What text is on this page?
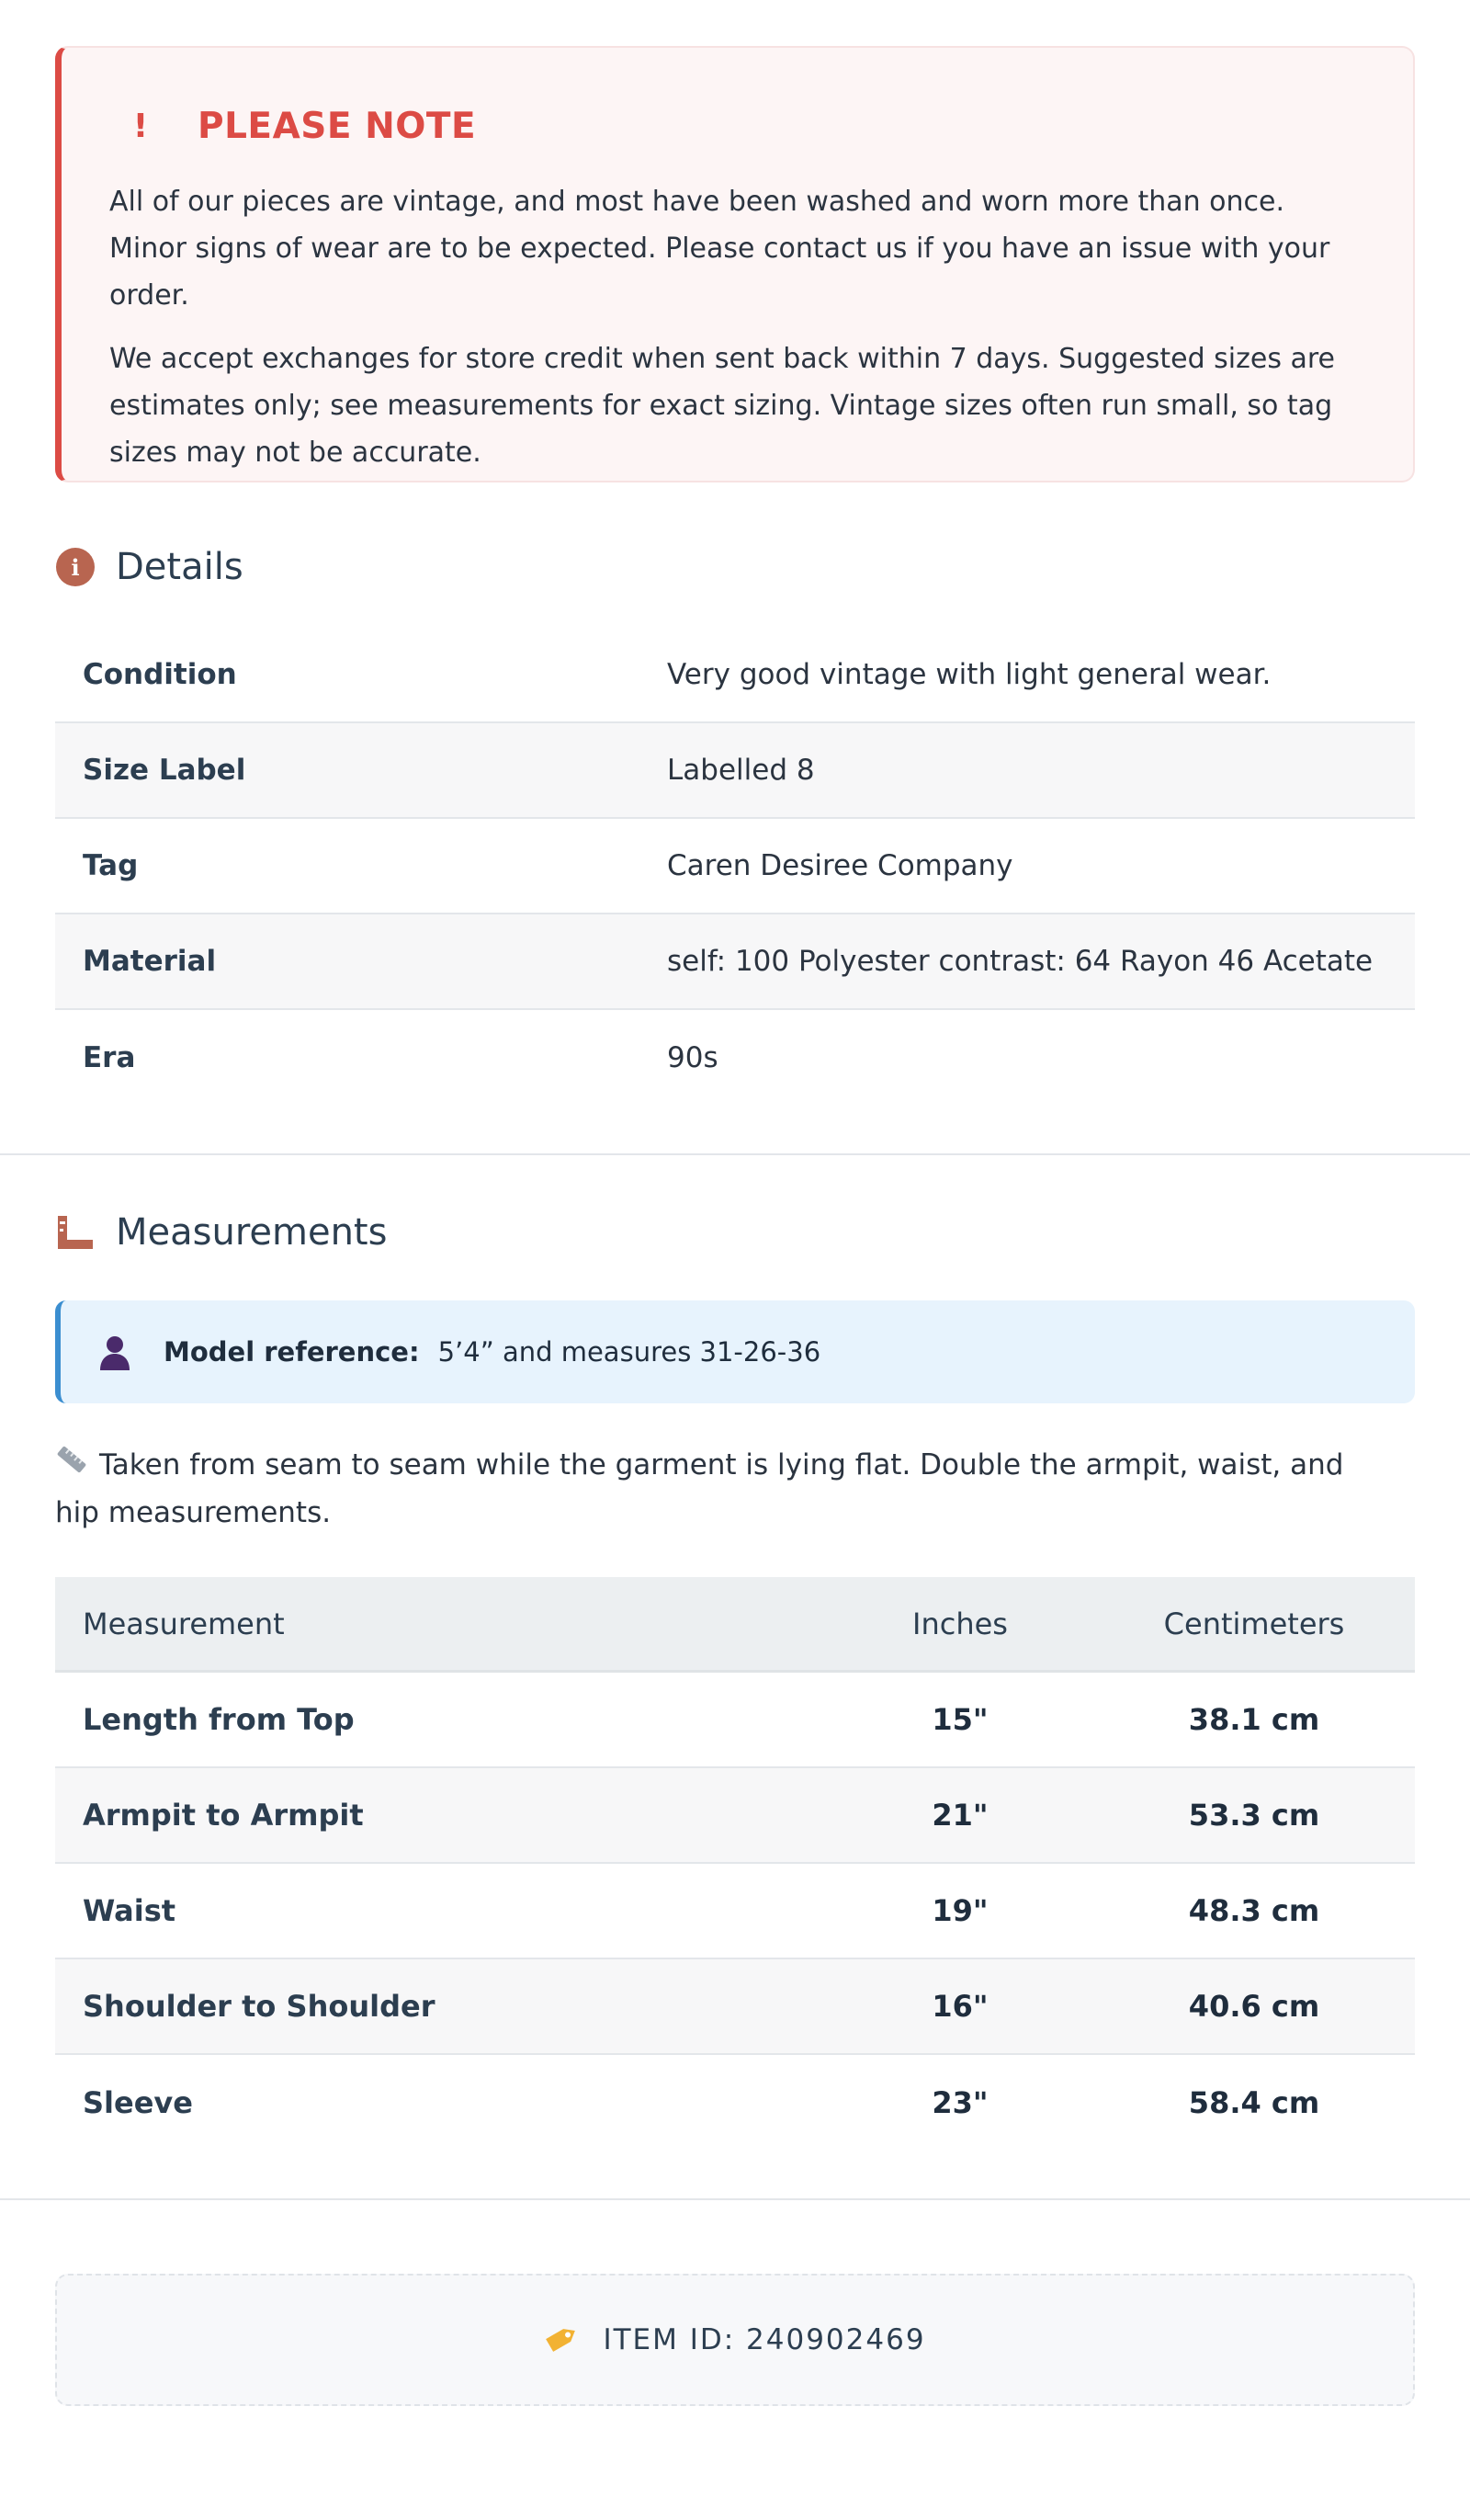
! PLEASE NOTE

All of our pieces are vintage, and most have been washed and worn more than once. Minor signs of wear are to be expected. Please contact us if you have an issue with your order.

We accept exchanges for store credit when sent back within 7 days. Suggested sizes are estimates only; see measurements for exact sizing. Vintage sizes often run small, so tag sizes may not be accurate.

i Details
Condition	Very good vintage with light general wear.
Size Label	Labelled 8
Tag	Caren Desiree Company
Material	self: 100 Polyester contrast: 64 Rayon 46 Acetate
Era	90s
Measurements
Model reference: 5’4” and measures 31-26-36
Taken from seam to seam while the garment is lying flat. Double the armpit, waist, and hip measurements.
Measurement	Inches	Centimeters
Length from Top	15"	38.1 cm
Armpit to Armpit	21"	53.3 cm
Waist	19"	48.3 cm
Shoulder to Shoulder	16"	40.6 cm
Sleeve	23"	58.4 cm
ITEM ID: 240902469
